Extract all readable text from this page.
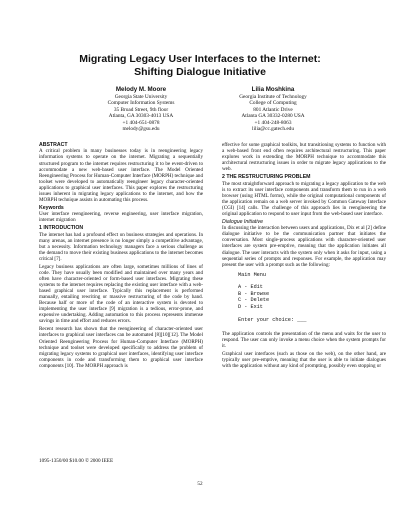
Migrating Legacy User Interfaces to the Internet:
Shifting Dialogue Initiative
Melody M. Moore
Georgia State University
Computer Information Systems
35 Broad Street, 9th floor
Atlanta, GA 30303-4013 USA
+1 404-651-0878
melody@gsu.edu
Lilia Moshkina
Georgia Institute of Technology
College of Computing
801 Atlantic Drive
Atlanta GA 30332-0280 USA
+1 404-248-8063
lilia@cc.gatech.edu
ABSTRACT

A critical problem in many businesses today is in reengineering legacy information systems to operate on the internet. Migrating a sequentially structured program to the internet requires restructuring it to be event-driven to accommodate a new web-based user interface. The Model Oriented Reengineering Process for Human-Computer Interface (MORPH) technique and toolset were developed to automatically reengineer legacy character-oriented applications to graphical user interfaces. This paper explores the restructuring issues inherent in migrating legacy applications to the internet, and how the MORPH technique assists in automating this process.

Keywords

User interface reengineering, reverse engineering, user interface migration, internet migration

1 INTRODUCTION

The internet has had a profound effect on business strategies and operations. In many arenas, an internet presence is no longer simply a competitive advantage, but a necessity. Information technology managers face a serious challenge as the demand to move their existing business applications to the internet becomes critical [7].

Legacy business applications are often large, sometimes millions of lines of code. They have usually been modified and maintained over many years and often have character-oriented or form-based user interfaces. Migrating these systems to the internet requires replacing the existing user interface with a web-based graphical user interface. Typically this replacement is performed manually, entailing rewriting or massive restructuring of the code by hand. Because half or more of the code of an interactive system is devoted to implementing the user interface [9] migration is a tedious, error-prone, and expensive undertaking. Adding automation to this process represents immense savings in time and effort and reduces errors.

Recent research has shown that the reengineering of character-oriented user interfaces to graphical user interfaces can be automated [8][10][12]. The Model Oriented Reengineering Process for Human-Computer Interface (MORPH) technique and toolset were developed specifically to address the problem of migrating legacy systems to graphical user interfaces, identifying user interface components in code and transforming them to graphical user interface components [10]. The MORPH approach is

effective for some graphical toolkits, but transitioning systems to function with a web-based front end often requires architectural restructuring. This paper explores work in extending the MORPH technique to accommodate this architectural restructuring issues in order to migrate legacy applications to the web.

2 THE RESTRUCTURING PROBLEM

The most straightforward approach to migrating a legacy application to the web is to extract its user interface components and transform them to run in a web browser (using HTML forms), while the original computational components of the application remain on a web server invoked by Common Gateway Interface (CGI) [14] calls. The challenge of this approach lies in reengineering the original application to respond to user input from the web-based user interface.

Dialogue Initiative

In discussing the interaction between users and applications, Dix et al [2] define dialogue initiative to be the communication partner that initiates the conversation. Most single-process applications with character-oriented user interfaces are system pre-emptive, meaning that the application initiates all dialogue. The user interacts with the system only when it asks for input, using a sequential series of prompts and responses. For example, the application may present the user with a prompt such as the following:

Main Menu

A - Edit
B - Browse
C - Delete
D - Exit

Enter your choice: ___

The application controls the presentation of the menu and waits for the user to respond. The user can only invoke a menu choice when the system prompts for it.

Graphical user interfaces (such as those on the web), on the other hand, are typically user pre-emptive, meaning that the user is able to initiate dialogues with the application without any kind of prompting, possibly even stopping or

1095-1350/00 $10.00 © 2000 IEEE
52
